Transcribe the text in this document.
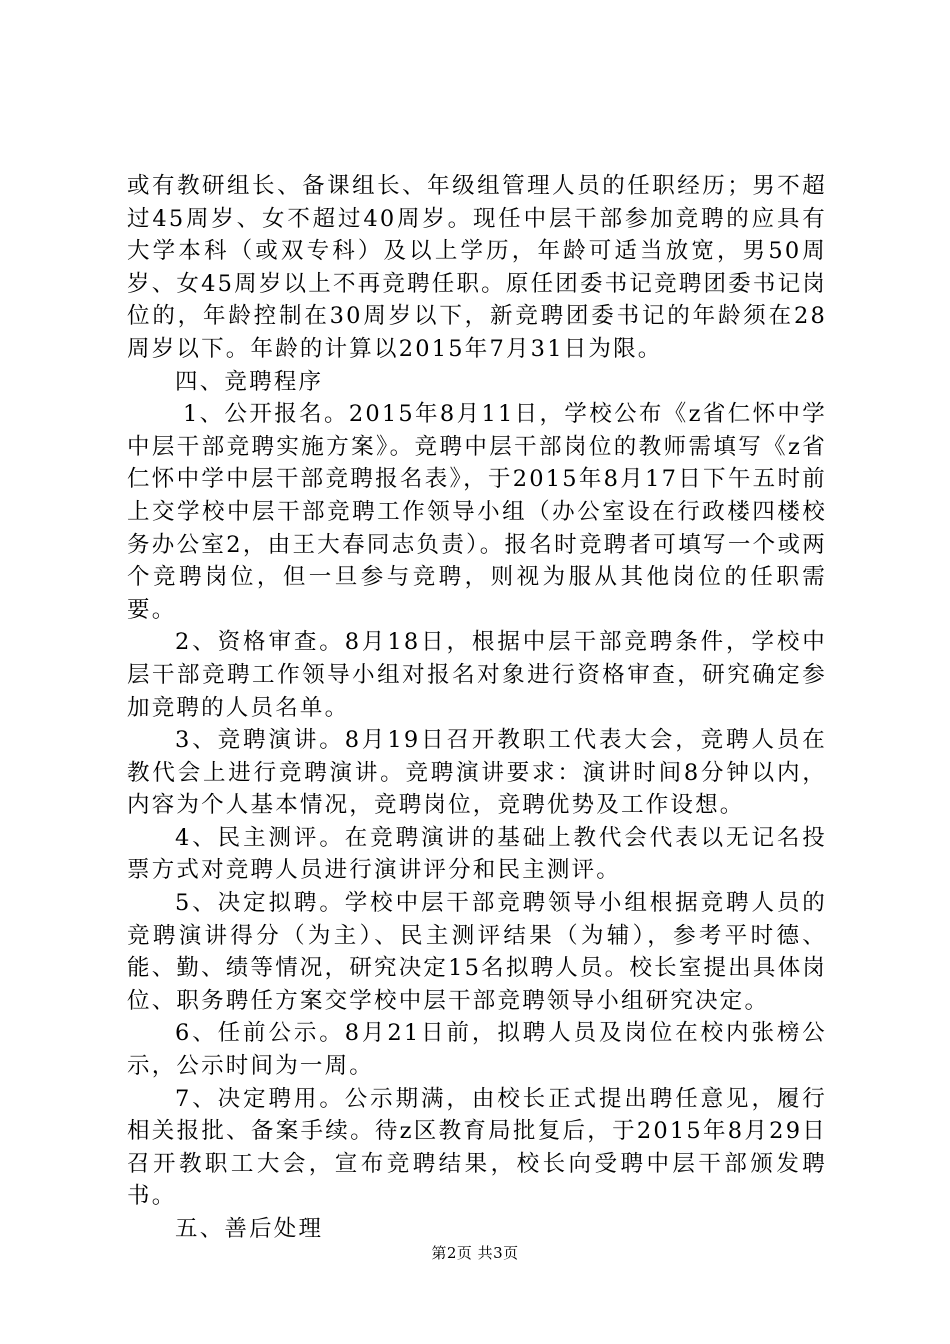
或有教研组长、备课组长、年级组管理人员的任职经历；男不超过45周岁、女不超过40周岁。现任中层干部参加竞聘的应具有大学本科（或双专科）及以上学历，年龄可适当放宽，男50周岁、女45周岁以上不再竞聘任职。原任团委书记竞聘团委书记岗位的，年龄控制在30周岁以下，新竞聘团委书记的年龄须在28周岁以下。年龄的计算以2015年7月31日为限。

四、竞聘程序

1、公开报名。2015年8月11日，学校公布《z省仁怀中学中层干部竞聘实施方案》。竞聘中层干部岗位的教师需填写《z省仁怀中学中层干部竞聘报名表》，于2015年8月17日下午五时前上交学校中层干部竞聘工作领导小组（办公室设在行政楼四楼校务办公室2，由王大春同志负责）。报名时竞聘者可填写一个或两个竞聘岗位，但一旦参与竞聘，则视为服从其他岗位的任职需要。

2、资格审查。8月18日，根据中层干部竞聘条件，学校中层干部竞聘工作领导小组对报名对象进行资格审查，研究确定参加竞聘的人员名单。

3、竞聘演讲。8月19日召开教职工代表大会，竞聘人员在教代会上进行竞聘演讲。竞聘演讲要求：演讲时间8分钟以内，内容为个人基本情况，竞聘岗位，竞聘优势及工作设想。

4、民主测评。在竞聘演讲的基础上教代会代表以无记名投票方式对竞聘人员进行演讲评分和民主测评。

5、决定拟聘。学校中层干部竞聘领导小组根据竞聘人员的竞聘演讲得分（为主）、民主测评结果（为辅），参考平时德、能、勤、绩等情况，研究决定15名拟聘人员。校长室提出具体岗位、职务聘任方案交学校中层干部竞聘领导小组研究决定。

6、任前公示。8月21日前，拟聘人员及岗位在校内张榜公示，公示时间为一周。

7、决定聘用。公示期满，由校长正式提出聘任意见，履行相关报批、备案手续。待z区教育局批复后，于2015年8月29日召开教职工大会，宣布竞聘结果，校长向受聘中层干部颁发聘书。

五、善后处理

第2页 共3页
